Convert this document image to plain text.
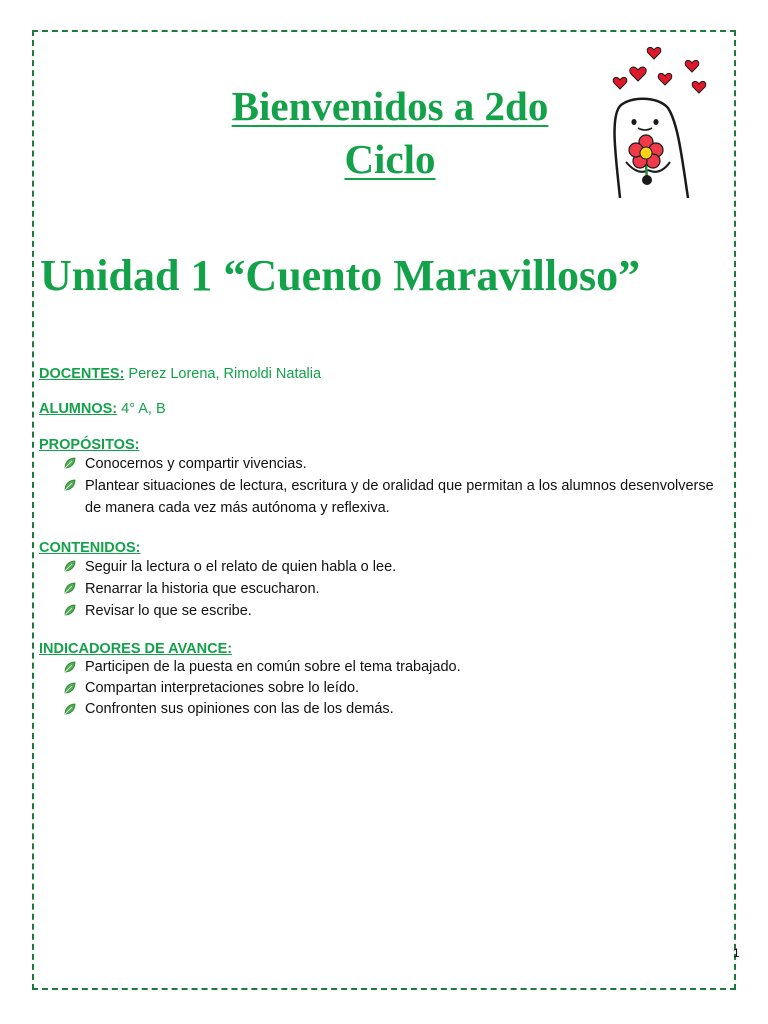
Bienvenidos a 2do
Ciclo
Unidad 1 “Cuento Maravilloso”
DOCENTES: Perez Lorena, Rimoldi Natalia
ALUMNOS: 4° A, B
PROPÓSITOS:
Conocernos y compartir vivencias.
Plantear situaciones de lectura, escritura y de oralidad que permitan a los alumnos desenvolverse de manera cada vez más autónoma y reflexiva.
CONTENIDOS:
Seguir la lectura o el relato de quien habla o lee.
Renarrar la historia que escucharon.
Revisar lo que se escribe.
INDICADORES DE AVANCE:
Participen de la puesta en común sobre el tema trabajado.
Compartan interpretaciones sobre lo leído.
Confronten sus opiniones con las de los demás.
1
